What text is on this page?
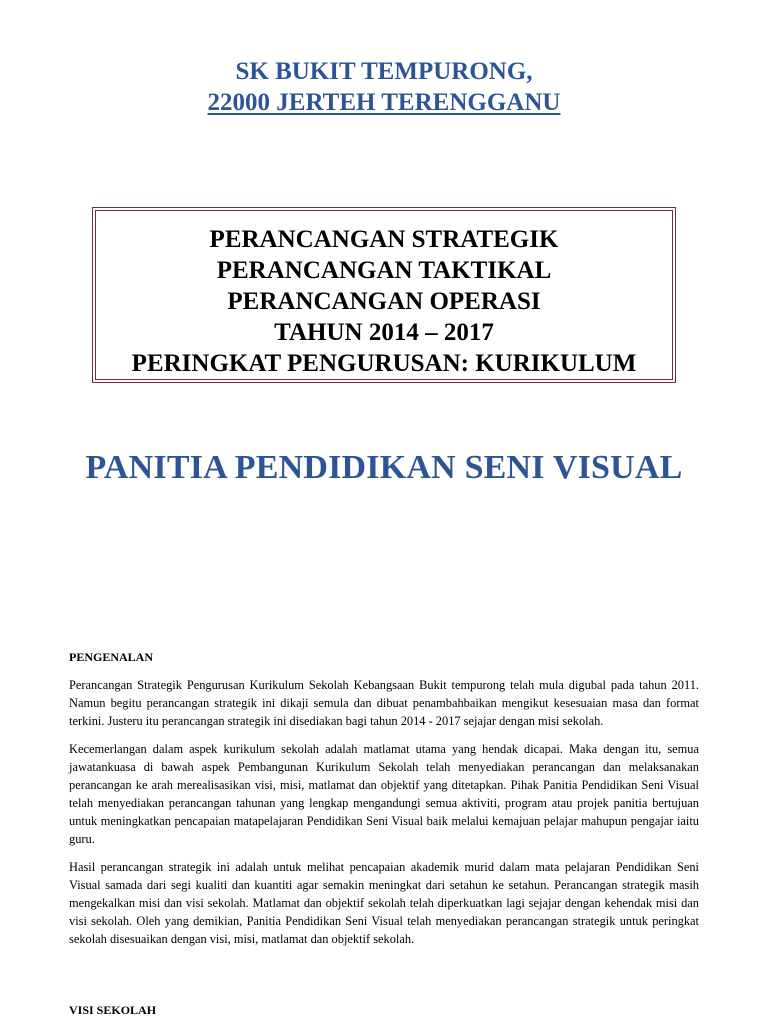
SK BUKIT TEMPURONG,
22000 JERTEH TERENGGANU
PERANCANGAN STRATEGIK
PERANCANGAN TAKTIKAL
PERANCANGAN OPERASI
TAHUN 2014 – 2017
PERINGKAT PENGURUSAN: KURIKULUM
PANITIA PENDIDIKAN SENI VISUAL
PENGENALAN

Perancangan Strategik Pengurusan Kurikulum Sekolah Kebangsaan Bukit tempurong telah mula digubal pada tahun 2011. Namun begitu perancangan strategik ini dikaji semula dan dibuat penambahbaikan mengikut kesesuaian masa dan format terkini. Justeru itu perancangan strategik ini disediakan bagi tahun 2014 - 2017 sejajar dengan misi sekolah.

Kecemerlangan dalam aspek kurikulum sekolah adalah matlamat utama yang hendak dicapai. Maka dengan itu, semua jawatankuasa di bawah aspek Pembangunan Kurikulum Sekolah telah menyediakan perancangan dan melaksanakan perancangan ke arah merealisasikan visi, misi, matlamat dan objektif yang ditetapkan. Pihak Panitia Pendidikan Seni Visual telah menyediakan perancangan tahunan yang lengkap mengandungi semua aktiviti, program atau projek panitia bertujuan untuk meningkatkan pencapaian matapelajaran Pendidikan Seni Visual baik melalui kemajuan pelajar mahupun pengajar iaitu guru.

Hasil perancangan strategik ini adalah untuk melihat pencapaian akademik murid dalam mata pelajaran Pendidikan Seni Visual samada dari segi kualiti dan kuantiti agar semakin meningkat dari setahun ke setahun. Perancangan strategik masih mengekalkan misi dan visi sekolah. Matlamat dan objektif sekolah telah diperkuatkan lagi sejajar dengan kehendak misi dan visi sekolah. Oleh yang demikian, Panitia Pendidikan Seni Visual telah menyediakan perancangan strategik untuk peringkat sekolah disesuaikan dengan visi, misi, matlamat dan objektif sekolah.

VISI SEKOLAH
